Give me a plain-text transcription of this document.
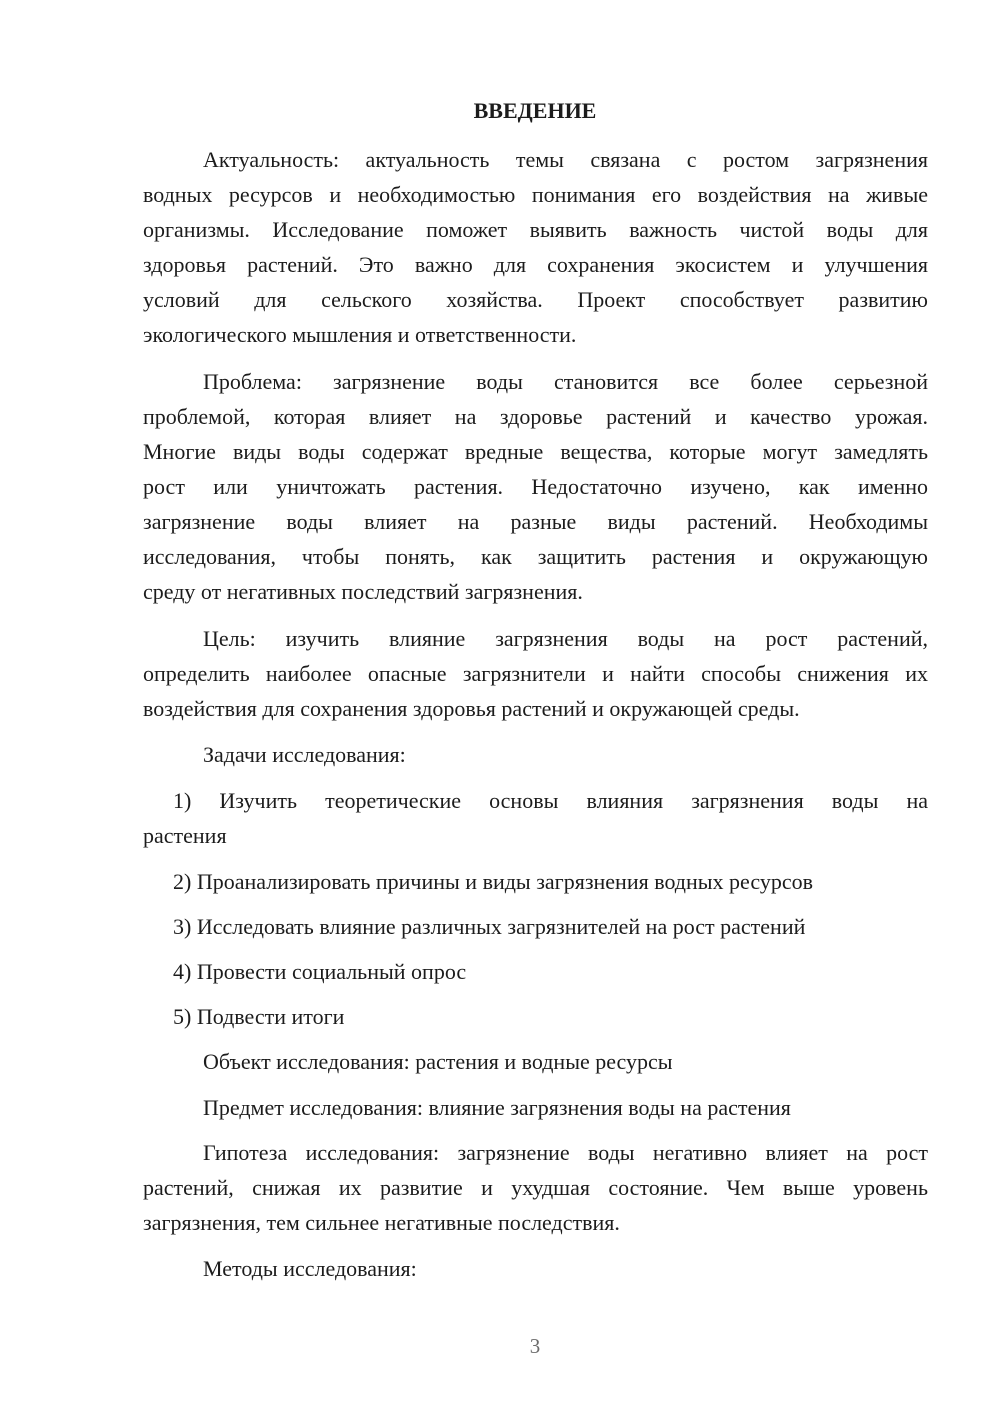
ВВЕДЕНИЕ

Актуальность: актуальность темы связана с ростом загрязнения

водных ресурсов и необходимостью понимания его воздействия на живые

организмы. Исследование поможет выявить важность чистой воды для

здоровья растений. Это важно для сохранения экосистем и улучшения

условий для сельского хозяйства. Проект способствует развитию

экологического мышления и ответственности.

Проблема: загрязнение воды становится все более серьезной

проблемой, которая влияет на здоровье растений и качество урожая.

Многие виды воды содержат вредные вещества, которые могут замедлять

рост или уничтожать растения. Недостаточно изучено, как именно

загрязнение воды влияет на разные виды растений. Необходимы

исследования, чтобы понять, как защитить растения и окружающую

среду от негативных последствий загрязнения.

Цель: изучить влияние загрязнения воды на рост растений,

определить наиболее опасные загрязнители и найти способы снижения их

воздействия для сохранения здоровья растений и окружающей среды.

Задачи исследования:

1) Изучить теоретические основы влияния загрязнения воды на

растения

2) Проанализировать причины и виды загрязнения водных ресурсов

3) Исследовать влияние различных загрязнителей на рост растений

4) Провести социальный опрос

5) Подвести итоги

Объект исследования: растения и водные ресурсы

Предмет исследования: влияние загрязнения воды на растения

Гипотеза исследования: загрязнение воды негативно влияет на рост

растений, снижая их развитие и ухудшая состояние. Чем выше уровень

загрязнения, тем сильнее негативные последствия.

Методы исследования:

3
